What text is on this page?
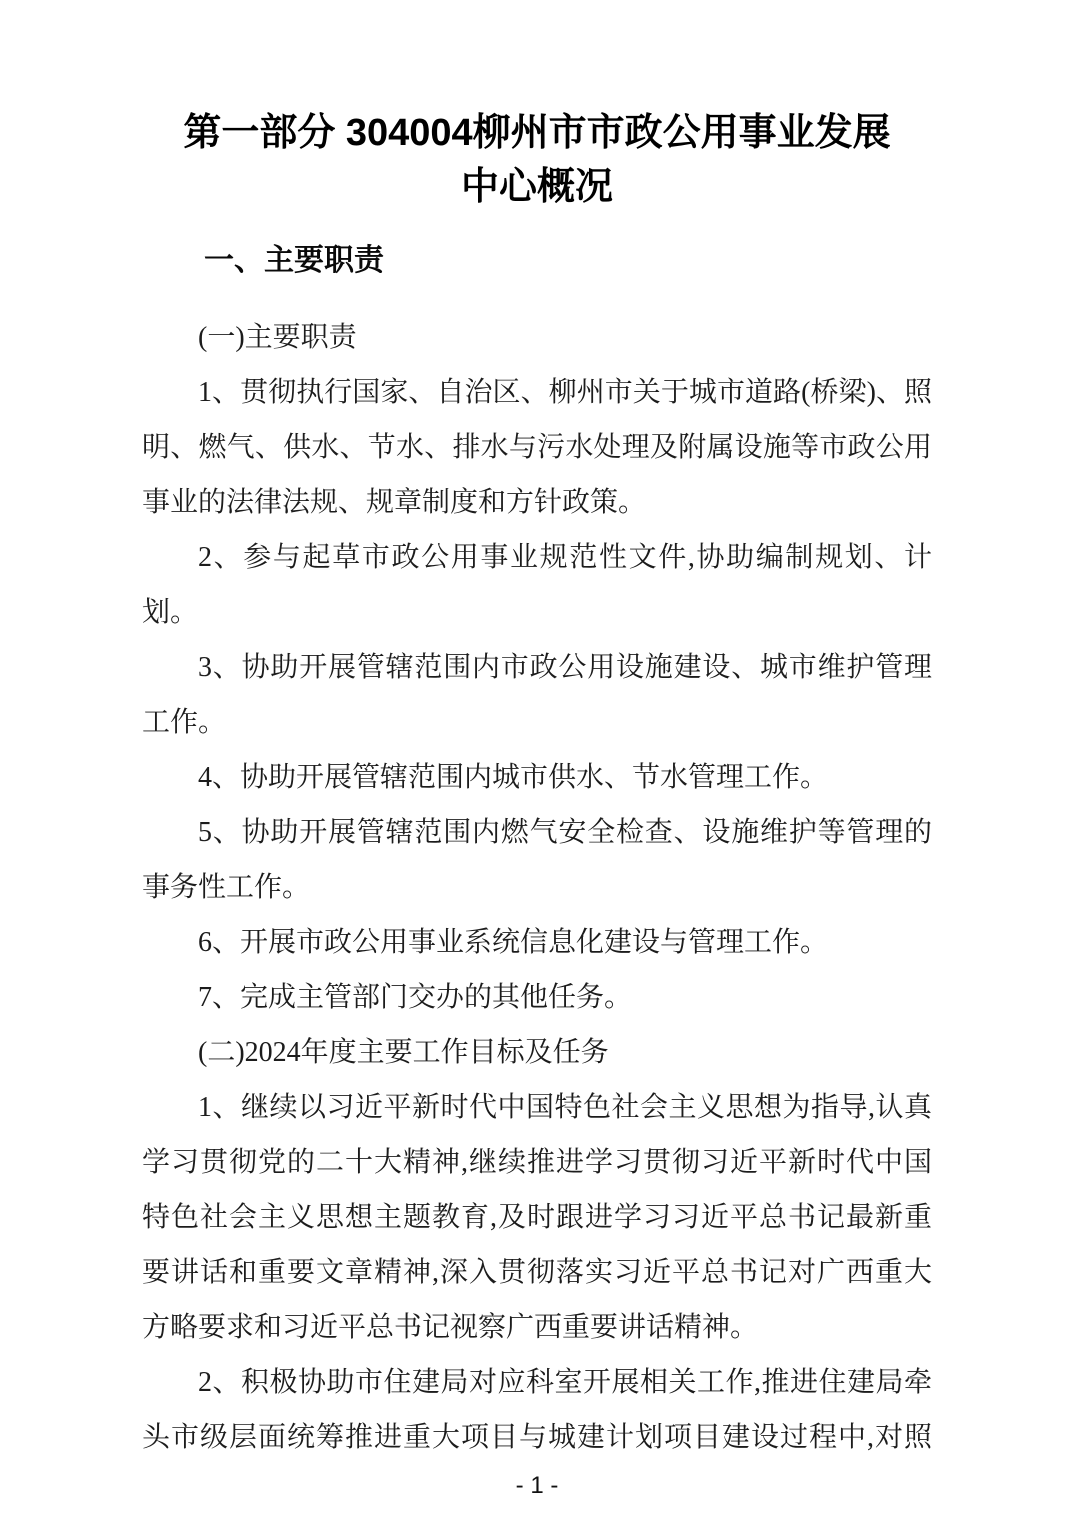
第一部分 304004柳州市市政公用事业发展
中心概况
一、主要职责

(一)主要职责

1、贯彻执行国家、自治区、柳州市关于城市道路(桥梁)、照明、燃气、供水、节水、排水与污水处理及附属设施等市政公用事业的法律法规、规章制度和方针政策。

2、参与起草市政公用事业规范性文件,协助编制规划、计划。

3、协助开展管辖范围内市政公用设施建设、城市维护管理工作。

4、协助开展管辖范围内城市供水、节水管理工作。

5、协助开展管辖范围内燃气安全检查、设施维护等管理的事务性工作。

6、开展市政公用事业系统信息化建设与管理工作。

7、完成主管部门交办的其他任务。

(二)2024年度主要工作目标及任务

1、继续以习近平新时代中国特色社会主义思想为指导,认真学习贯彻党的二十大精神,继续推进学习贯彻习近平新时代中国特色社会主义思想主题教育,及时跟进学习习近平总书记最新重要讲话和重要文章精神,深入贯彻落实习近平总书记对广西重大方略要求和习近平总书记视察广西重要讲话精神。

2、积极协助市住建局对应科室开展相关工作,推进住建局牵头市级层面统筹推进重大项目与城建计划项目建设过程中,对照

- 1 -
